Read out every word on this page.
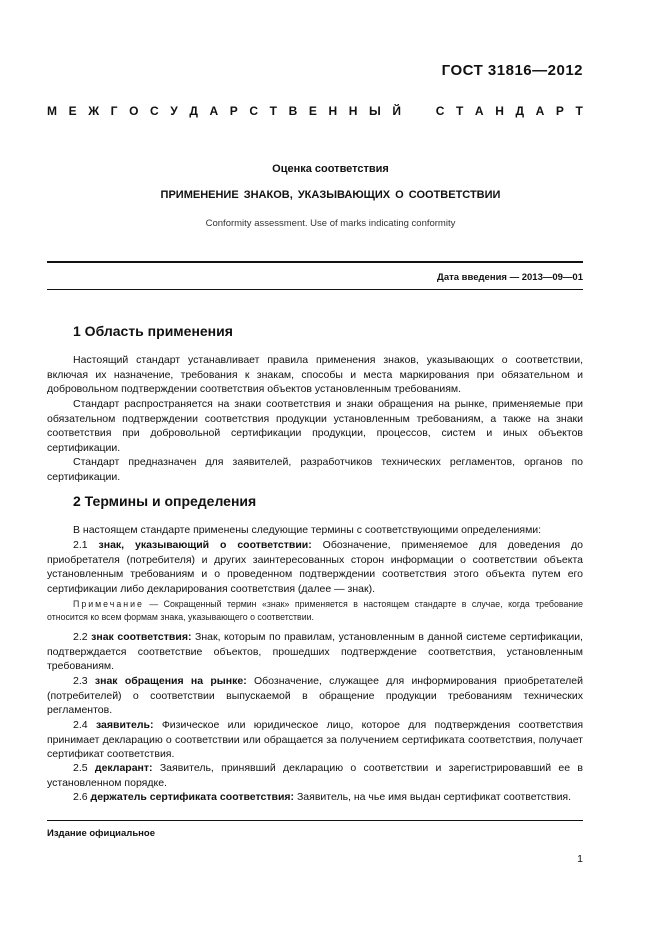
ГОСТ 31816—2012
М Е Ж Г О С У Д А Р С Т В Е Н Н Ы Й	С Т А Н Д А Р Т
Оценка соответствия
ПРИМЕНЕНИЕ ЗНАКОВ, УКАЗЫВАЮЩИХ О СООТВЕТСТВИИ
Conformity assessment. Use of marks indicating conformity
Дата введения — 2013—09—01
1 Область применения
Настоящий стандарт устанавливает правила применения знаков, указывающих о соответствии, включая их назначение, требования к знакам, способы и места маркирования при обязательном и добровольном подтверждении соответствия объектов установленным требованиям.
Стандарт распространяется на знаки соответствия и знаки обращения на рынке, применяемые при обязательном подтверждении соответствия продукции установленным требованиям, а также на знаки соответствия при добровольной сертификации продукции, процессов, систем и иных объектов сертификации.
Стандарт предназначен для заявителей, разработчиков технических регламентов, органов по сертификации.
2 Термины и определения
В настоящем стандарте применены следующие термины с соответствующими определениями:
2.1 знак, указывающий о соответствии: Обозначение, применяемое для доведения до приобретателя (потребителя) и других заинтересованных сторон информации о соответствии объекта установленным требованиям и о проведенном подтверждении соответствия этого объекта путем его сертификации либо декларирования соответствия (далее — знак).
Примечание — Сокращенный термин «знак» применяется в настоящем стандарте в случае, когда требование относится ко всем формам знака, указывающего о соответствии.
2.2 знак соответствия: Знак, которым по правилам, установленным в данной системе сертификации, подтверждается соответствие объектов, прошедших подтверждение соответствия, установленным требованиям.
2.3 знак обращения на рынке: Обозначение, служащее для информирования приобретателей (потребителей) о соответствии выпускаемой в обращение продукции требованиям технических регламентов.
2.4 заявитель: Физическое или юридическое лицо, которое для подтверждения соответствия принимает декларацию о соответствии или обращается за получением сертификата соответствия, получает сертификат соответствия.
2.5 декларант: Заявитель, принявший декларацию о соответствии и зарегистрировавший ее в установленном порядке.
2.6 держатель сертификата соответствия: Заявитель, на чье имя выдан сертификат соответствия.
Издание официальное
1
